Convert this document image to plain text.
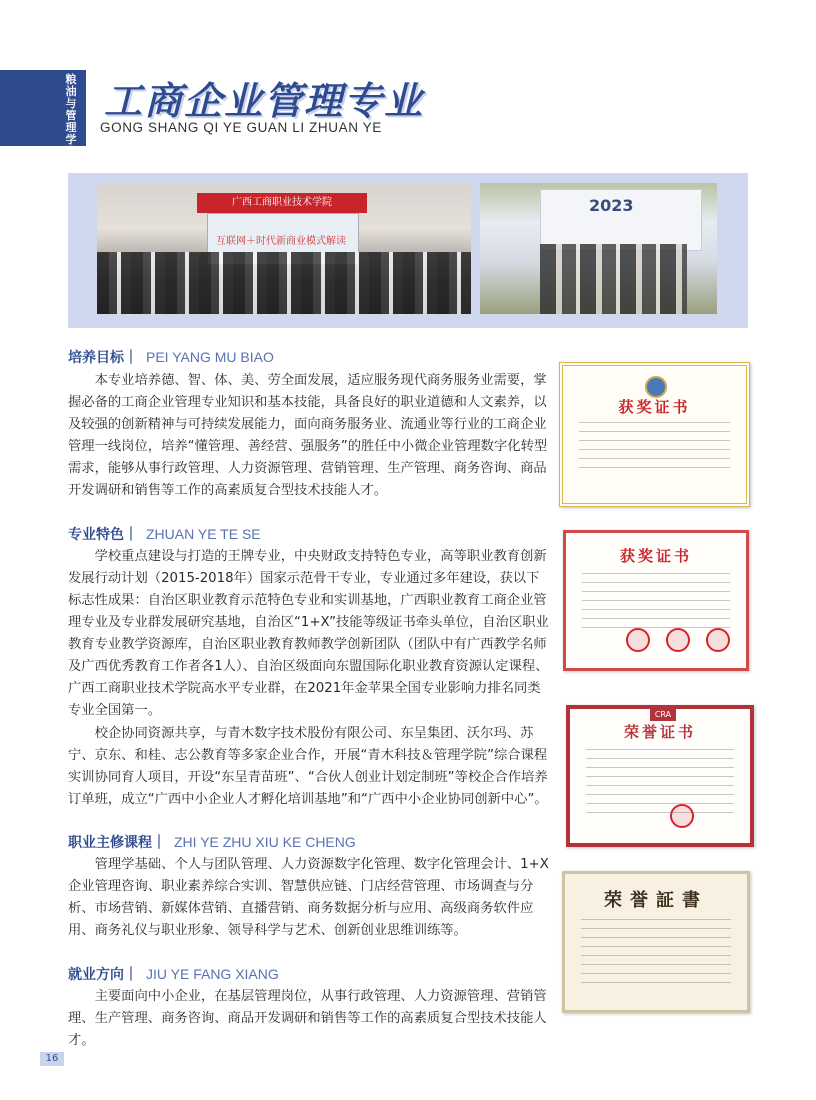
粮油与管理学院
工商企业管理专业
GONG SHANG QI YE GUAN LI ZHUAN YE
广西工商职业技术学院
互联网＋时代新商业模式解读
2023
培养目标｜ PEI YANG MU BIAO

本专业培养德、智、体、美、劳全面发展，适应服务现代商务服务业需要，掌握必备的工商企业管理专业知识和基本技能，具备良好的职业道德和人文素养，以及较强的创新精神与可持续发展能力，面向商务服务业、流通业等行业的工商企业管理一线岗位，培养“懂管理、善经营、强服务”的胜任中小微企业管理数字化转型需求，能够从事行政管理、人力资源管理、营销管理、生产管理、商务咨询、商品开发调研和销售等工作的高素质复合型技术技能人才。

专业特色｜ ZHUAN YE TE SE

学校重点建设与打造的王牌专业，中央财政支持特色专业，高等职业教育创新发展行动计划（2015-2018年）国家示范骨干专业，专业通过多年建设，获以下标志性成果：自治区职业教育示范特色专业和实训基地，广西职业教育工商企业管理专业及专业群发展研究基地，自治区“1+X”技能等级证书牵头单位，自治区职业教育专业教学资源库，自治区职业教育教师教学创新团队（团队中有广西教学名师及广西优秀教育工作者各1人）、自治区级面向东盟国际化职业教育资源认定课程、广西工商职业技术学院高水平专业群，在2021年金苹果全国专业影响力排名同类专业全国第一。

校企协同资源共享，与青木数字技术股份有限公司、东呈集团、沃尔玛、苏宁、京东、和桂、志公教育等多家企业合作，开展“青木科技＆管理学院”综合课程实训协同育人项目，开设“东呈青苗班”、“合伙人创业计划定制班”等校企合作培养订单班，成立“广西中小企业人才孵化培训基地”和“广西中小企业协同创新中心”。

职业主修课程｜ ZHI YE ZHU XIU KE CHENG

管理学基础、个人与团队管理、人力资源数字化管理、数字化管理会计、1+X企业管理咨询、职业素养综合实训、智慧供应链、门店经营管理、市场调查与分析、市场营销、新媒体营销、直播营销、商务数据分析与应用、高级商务软件应用、商务礼仪与职业形象、领导科学与艺术、创新创业思维训练等。

就业方向｜ JIU YE FANG XIANG

主要面向中小企业，在基层管理岗位，从事行政管理、人力资源管理、营销管理、生产管理、商务咨询、商品开发调研和销售等工作的高素质复合型技术技能人才。

获奖证书
获奖证书
CRA
荣誉证书
荣誉証書
16
